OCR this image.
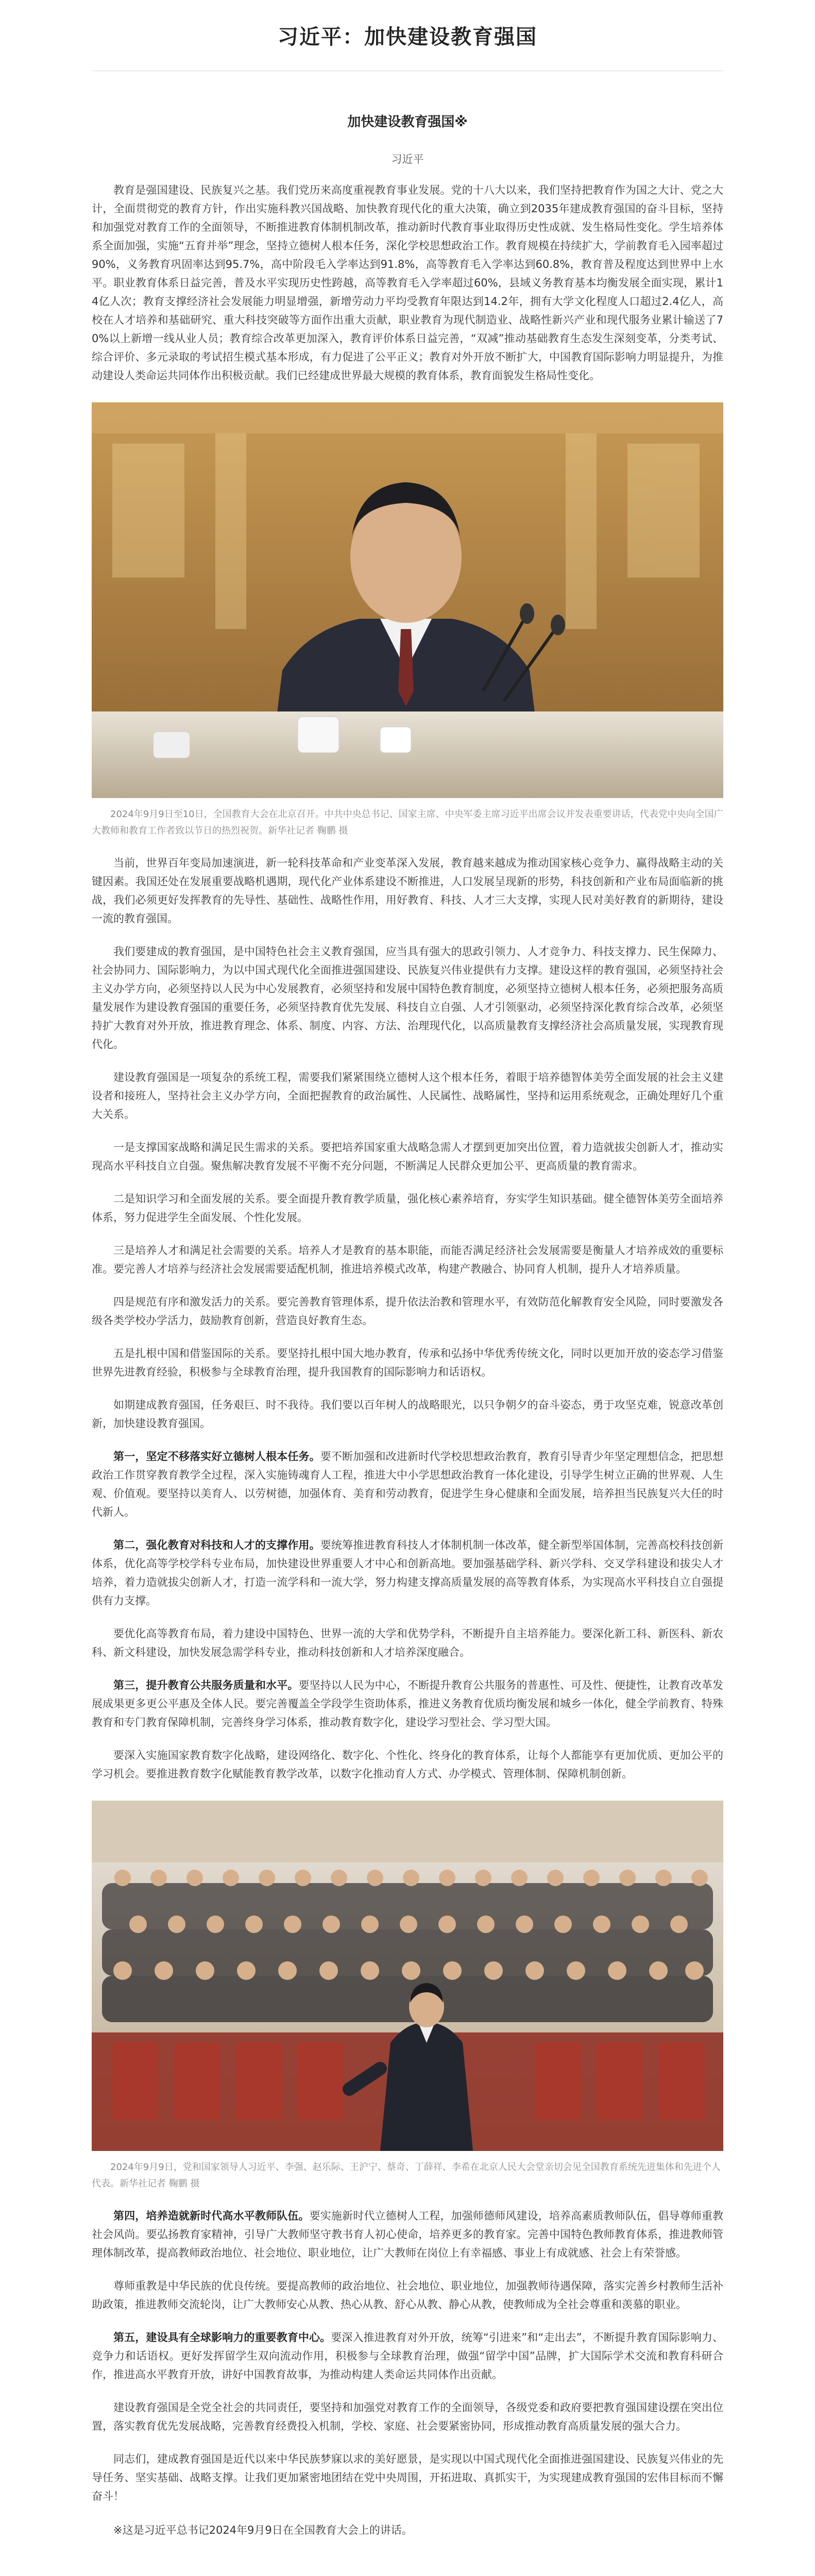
习近平：加快建设教育强国
加快建设教育强国※

习近平

教育是强国建设、民族复兴之基。我们党历来高度重视教育事业发展。党的十八大以来，我们坚持把教育作为国之大计、党之大计，全面贯彻党的教育方针，作出实施科教兴国战略、加快教育现代化的重大决策，确立到2035年建成教育强国的奋斗目标，坚持和加强党对教育工作的全面领导，不断推进教育体制机制改革，推动新时代教育事业取得历史性成就、发生格局性变化。学生培养体系全面加强，实施“五育并举”理念，坚持立德树人根本任务，深化学校思想政治工作。教育规模在持续扩大，学前教育毛入园率超过90%，义务教育巩固率达到95.7%，高中阶段毛入学率达到91.8%，高等教育毛入学率达到60.8%，教育普及程度达到世界中上水平。职业教育体系日益完善，普及水平实现历史性跨越，高等教育毛入学率超过60%，县域义务教育基本均衡发展全面实现，累计14亿人次；教育支撑经济社会发展能力明显增强，新增劳动力平均受教育年限达到14.2年，拥有大学文化程度人口超过2.4亿人，高校在人才培养和基础研究、重大科技突破等方面作出重大贡献，职业教育为现代制造业、战略性新兴产业和现代服务业累计输送了70%以上新增一线从业人员；教育综合改革更加深入，教育评价体系日益完善，“双减”推动基础教育生态发生深刻变革，分类考试、综合评价、多元录取的考试招生模式基本形成，有力促进了公平正义；教育对外开放不断扩大，中国教育国际影响力明显提升，为推动建设人类命运共同体作出积极贡献。我们已经建成世界最大规模的教育体系，教育面貌发生格局性变化。

2024年9月9日至10日，全国教育大会在北京召开。中共中央总书记、国家主席、中央军委主席习近平出席会议并发表重要讲话，代表党中央向全国广大教师和教育工作者致以节日的热烈祝贺。新华社记者 鞠鹏 摄

当前，世界百年变局加速演进，新一轮科技革命和产业变革深入发展，教育越来越成为推动国家核心竞争力、赢得战略主动的关键因素。我国还处在发展重要战略机遇期，现代化产业体系建设不断推进，人口发展呈现新的形势，科技创新和产业布局面临新的挑战，我们必须更好发挥教育的先导性、基础性、战略性作用，用好教育、科技、人才三大支撑，实现人民对美好教育的新期待，建设一流的教育强国。

我们要建成的教育强国，是中国特色社会主义教育强国，应当具有强大的思政引领力、人才竞争力、科技支撑力、民生保障力、社会协同力、国际影响力，为以中国式现代化全面推进强国建设、民族复兴伟业提供有力支撑。建设这样的教育强国，必须坚持社会主义办学方向，必须坚持以人民为中心发展教育，必须坚持和发展中国特色教育制度，必须坚持立德树人根本任务，必须把服务高质量发展作为建设教育强国的重要任务，必须坚持教育优先发展、科技自立自强、人才引领驱动，必须坚持深化教育综合改革，必须坚持扩大教育对外开放，推进教育理念、体系、制度、内容、方法、治理现代化，以高质量教育支撑经济社会高质量发展，实现教育现代化。

建设教育强国是一项复杂的系统工程，需要我们紧紧围绕立德树人这个根本任务，着眼于培养德智体美劳全面发展的社会主义建设者和接班人，坚持社会主义办学方向，全面把握教育的政治属性、人民属性、战略属性，坚持和运用系统观念，正确处理好几个重大关系。

一是支撑国家战略和满足民生需求的关系。要把培养国家重大战略急需人才摆到更加突出位置，着力造就拔尖创新人才，推动实现高水平科技自立自强。聚焦解决教育发展不平衡不充分问题，不断满足人民群众更加公平、更高质量的教育需求。

二是知识学习和全面发展的关系。要全面提升教育教学质量，强化核心素养培育，夯实学生知识基础。健全德智体美劳全面培养体系，努力促进学生全面发展、个性化发展。

三是培养人才和满足社会需要的关系。培养人才是教育的基本职能，而能否满足经济社会发展需要是衡量人才培养成效的重要标准。要完善人才培养与经济社会发展需要适配机制，推进培养模式改革，构建产教融合、协同育人机制，提升人才培养质量。

四是规范有序和激发活力的关系。要完善教育管理体系，提升依法治教和管理水平，有效防范化解教育安全风险，同时要激发各级各类学校办学活力，鼓励教育创新，营造良好教育生态。

五是扎根中国和借鉴国际的关系。要坚持扎根中国大地办教育，传承和弘扬中华优秀传统文化，同时以更加开放的姿态学习借鉴世界先进教育经验，积极参与全球教育治理，提升我国教育的国际影响力和话语权。

如期建成教育强国，任务艰巨、时不我待。我们要以百年树人的战略眼光，以只争朝夕的奋斗姿态，勇于攻坚克难，锐意改革创新，加快建设教育强国。

第一，坚定不移落实好立德树人根本任务。要不断加强和改进新时代学校思想政治教育，教育引导青少年坚定理想信念，把思想政治工作贯穿教育教学全过程，深入实施铸魂育人工程，推进大中小学思想政治教育一体化建设，引导学生树立正确的世界观、人生观、价值观。要坚持以美育人、以劳树德，加强体育、美育和劳动教育，促进学生身心健康和全面发展，培养担当民族复兴大任的时代新人。

第二，强化教育对科技和人才的支撑作用。要统筹推进教育科技人才体制机制一体改革，健全新型举国体制，完善高校科技创新体系，优化高等学校学科专业布局，加快建设世界重要人才中心和创新高地。要加强基础学科、新兴学科、交叉学科建设和拔尖人才培养，着力造就拔尖创新人才，打造一流学科和一流大学，努力构建支撑高质量发展的高等教育体系，为实现高水平科技自立自强提供有力支撑。

要优化高等教育布局，着力建设中国特色、世界一流的大学和优势学科，不断提升自主培养能力。要深化新工科、新医科、新农科、新文科建设，加快发展急需学科专业，推动科技创新和人才培养深度融合。

第三，提升教育公共服务质量和水平。要坚持以人民为中心，不断提升教育公共服务的普惠性、可及性、便捷性，让教育改革发展成果更多更公平惠及全体人民。要完善覆盖全学段学生资助体系，推进义务教育优质均衡发展和城乡一体化，健全学前教育、特殊教育和专门教育保障机制，完善终身学习体系，推动教育数字化，建设学习型社会、学习型大国。

要深入实施国家教育数字化战略，建设网络化、数字化、个性化、终身化的教育体系，让每个人都能享有更加优质、更加公平的学习机会。要推进教育数字化赋能教育教学改革，以数字化推动育人方式、办学模式、管理体制、保障机制创新。

2024年9月9日，党和国家领导人习近平、李强、赵乐际、王沪宁、蔡奇、丁薛祥、李希在北京人民大会堂亲切会见全国教育系统先进集体和先进个人代表。新华社记者 鞠鹏 摄

第四，培养造就新时代高水平教师队伍。要实施新时代立德树人工程，加强师德师风建设，培养高素质教师队伍，倡导尊师重教社会风尚。要弘扬教育家精神，引导广大教师坚守教书育人初心使命，培养更多的教育家。完善中国特色教师教育体系，推进教师管理体制改革，提高教师政治地位、社会地位、职业地位，让广大教师在岗位上有幸福感、事业上有成就感、社会上有荣誉感。

尊师重教是中华民族的优良传统。要提高教师的政治地位、社会地位、职业地位，加强教师待遇保障，落实完善乡村教师生活补助政策，推进教师交流轮岗，让广大教师安心从教、热心从教、舒心从教、静心从教，使教师成为全社会尊重和羡慕的职业。

第五，建设具有全球影响力的重要教育中心。要深入推进教育对外开放，统筹“引进来”和“走出去”，不断提升教育国际影响力、竞争力和话语权。更好发挥留学生双向流动作用，积极参与全球教育治理，做强“留学中国”品牌，扩大国际学术交流和教育科研合作，推进高水平教育开放，讲好中国教育故事，为推动构建人类命运共同体作出贡献。

建设教育强国是全党全社会的共同责任，要坚持和加强党对教育工作的全面领导，各级党委和政府要把教育强国建设摆在突出位置，落实教育优先发展战略，完善教育经费投入机制，学校、家庭、社会要紧密协同，形成推动教育高质量发展的强大合力。

同志们，建成教育强国是近代以来中华民族梦寐以求的美好愿景，是实现以中国式现代化全面推进强国建设、民族复兴伟业的先导任务、坚实基础、战略支撑。让我们更加紧密地团结在党中央周围，开拓进取、真抓实干，为实现建成教育强国的宏伟目标而不懈奋斗！

※这是习近平总书记2024年9月9日在全国教育大会上的讲话。
